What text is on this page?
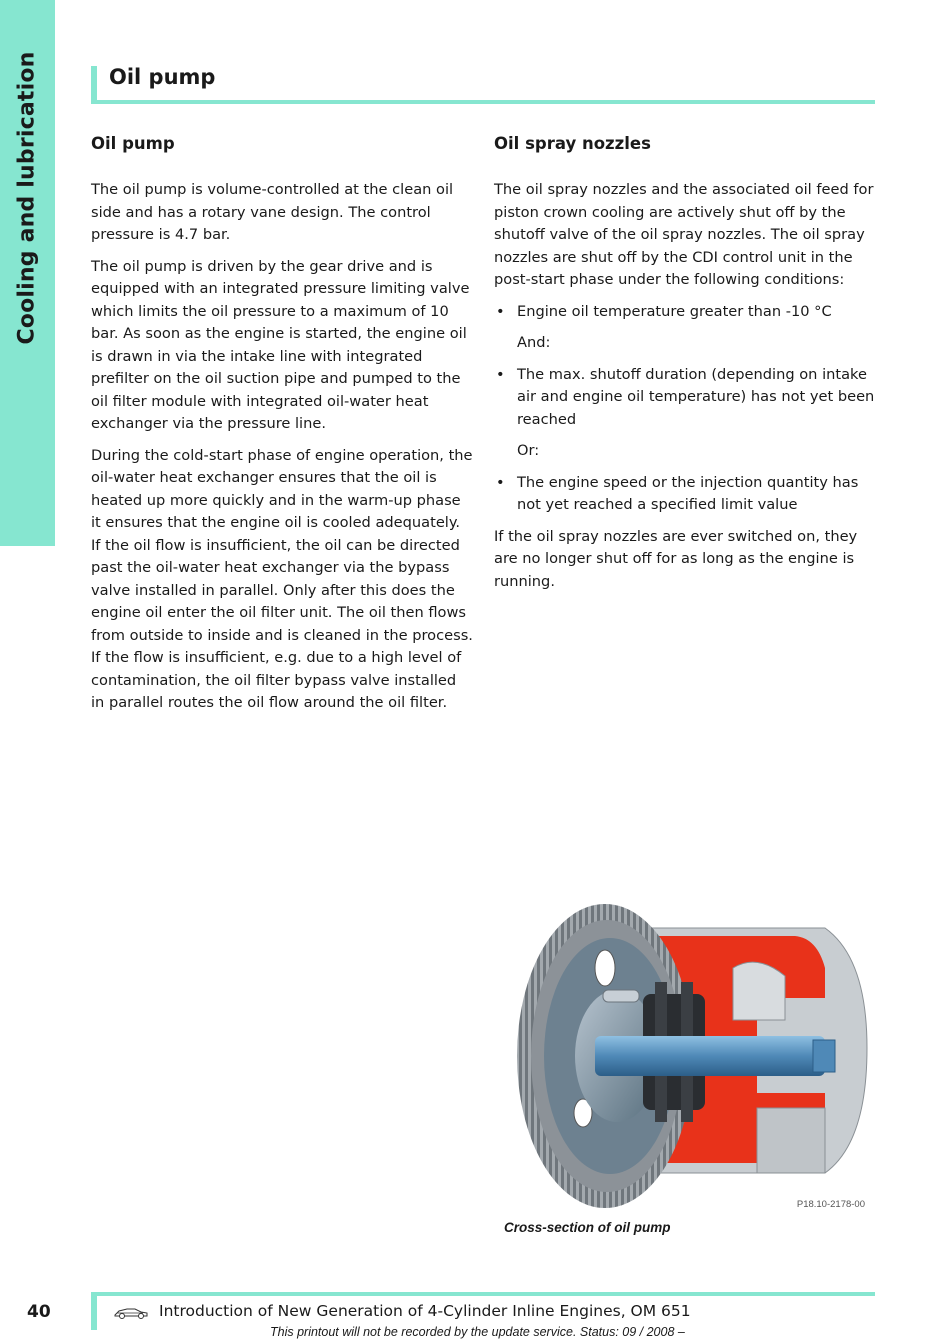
Cooling and lubrication	Oil pump
Oil pump

The oil pump is volume-controlled at the clean oil side and has a rotary vane design. The control pressure is 4.7 bar.

The oil pump is driven by the gear drive and is equipped with an integrated pressure limiting valve which limits the oil pressure to a maximum of 10 bar. As soon as the engine is started, the engine oil is drawn in via the intake line with integrated prefilter on the oil suction pipe and pumped to the oil filter module with integrated oil-water heat exchanger via the pressure line.

During the cold-start phase of engine operation, the oil-water heat exchanger ensures that the oil is heated up more quickly and in the warm-up phase it ensures that the engine oil is cooled adequately. If the oil flow is insufficient, the oil can be directed past the oil-water heat exchanger via the bypass valve installed in parallel. Only after this does the engine oil enter the oil filter unit. The oil then flows from outside to inside and is cleaned in the process. If the flow is insufficient, e.g. due to a high level of contamination, the oil filter bypass valve installed in parallel routes the oil flow around the oil filter.

Oil spray nozzles

The oil spray nozzles and the associated oil feed for piston crown cooling are actively shut off by the shutoff valve of the oil spray nozzles. The oil spray nozzles are shut off by the CDI control unit in the post-start phase under the following conditions:

• Engine oil temperature greater than -10 °C

And:

• The max. shutoff duration (depending on intake air and engine oil temperature) has not yet been reached

Or:

• The engine speed or the injection quantity has not yet reached a specified limit value

If the oil spray nozzles are ever switched on, they are no longer shut off for as long as the engine is running.

P18.10-2178-00
Cross-section of oil pump
40	Introduction of New Generation of 4-Cylinder Inline Engines, OM 651
This printout will not be recorded by the update service. Status: 09 / 2008 –
